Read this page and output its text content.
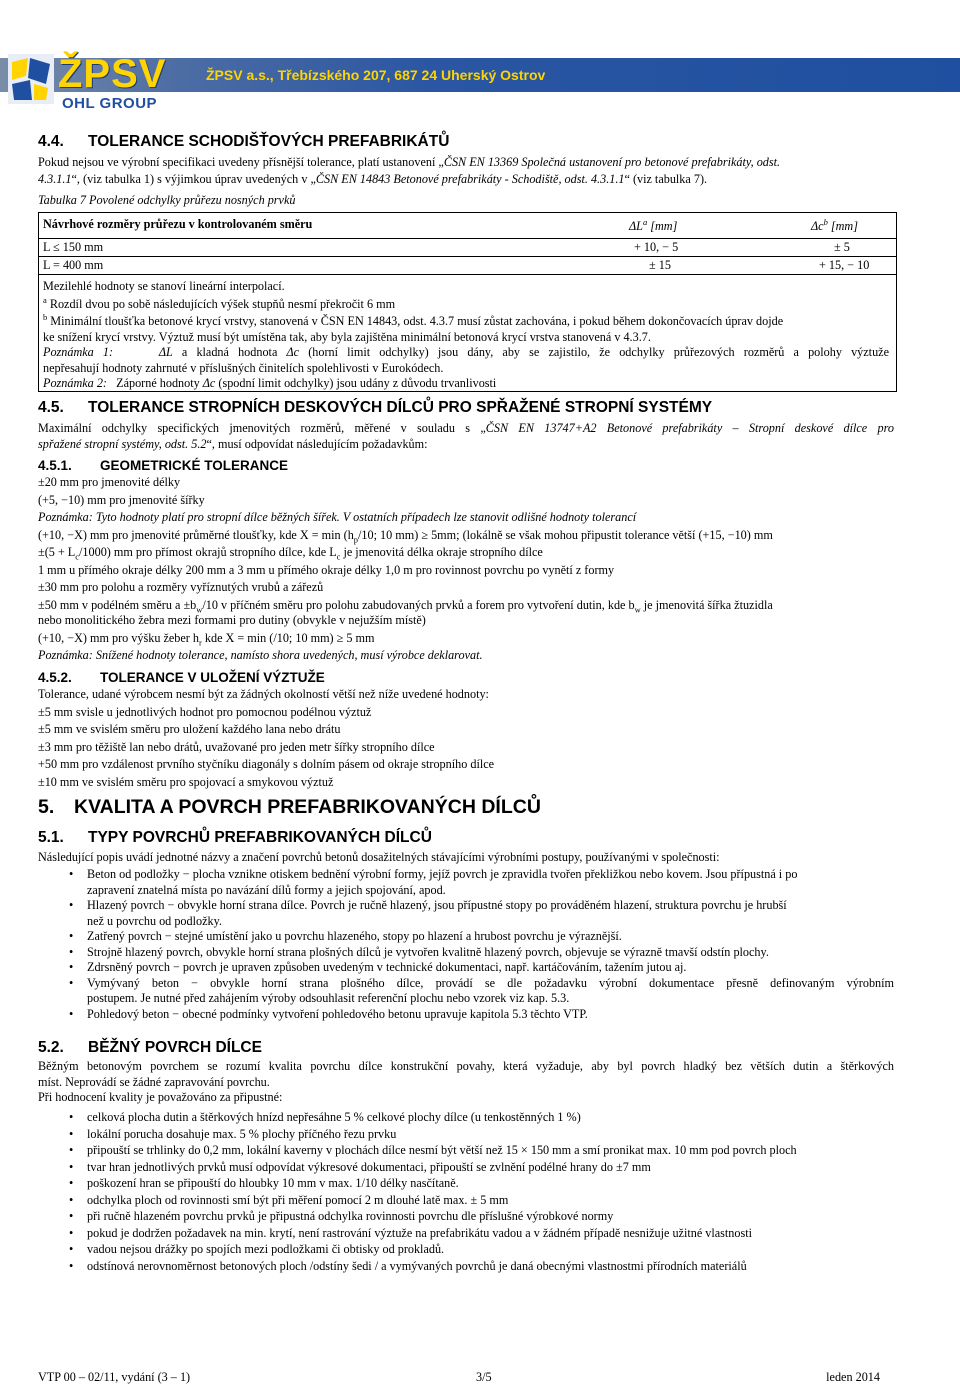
ŽPSV
OHL GROUP
ŽPSV a.s., Třebízského 207, 687 24 Uherský Ostrov
4.4. TOLERANCE SCHODIŠŤOVÝCH PREFABRIKÁTŮ

Pokud nejsou ve výrobní specifikaci uvedeny přísnější tolerance, platí ustanovení „ČSN EN 13369 Společná ustanovení pro betonové prefabrikáty, odst.

4.3.1.1“, (viz tabulka 1) s výjimkou úprav uvedených v „ČSN EN 14843 Betonové prefabrikáty - Schodiště, odst. 4.3.1.1“ (viz tabulka 7).

Tabulka 7 Povolené odchylky průřezu nosných prvků

Návrhové rozměry průřezu v kontrolovaném směru	$\Delta L^a$ [mm]	$\Delta c^b$ [mm]
L ≤ 150 mm	+ 10, − 5	± 5
L = 400 mm	± 15	+ 15, − 10
Mezilehlé hodnoty se stanoví lineární interpolací.
$^a$ Rozdíl dvou po sobě následujících výšek stupňů nesmí překročit 6 mm
$^b$ Minimální tloušťka betonové krycí vrstvy, stanovená v ČSN EN 14843, odst. 4.3.7 musí zůstat zachována, i pokud během dokončovacích úprav dojde
ke snížení krycí vrstvy. Výztuž musí být umístěna tak, aby byla zajištěna minimální betonová krycí vrstva stanovená v 4.3.7.
Poznámka 1:	ΔL a kladná hodnota Δc (horní limit odchylky) jsou dány, aby se zajistilo, že odchylky průřezových rozměrů a polohy výztuže
nepřesahují hodnoty zahrnuté v příslušných činitelích spolehlivosti v Eurokódech.
Poznámka 2: Záporné hodnoty Δc (spodní limit odchylky) jsou udány z důvodu trvanlivosti
4.5. TOLERANCE STROPNÍCH DESKOVÝCH DÍLCŮ PRO SPŘAŽENÉ STROPNÍ SYSTÉMY

Maximální odchylky specifických jmenovitých rozměrů, měřené v souladu s „ČSN EN 13747+A2 Betonové prefabrikáty – Stropní deskové dílce pro

spřažené stropní systémy, odst. 5.2“, musí odpovídat následujícím požadavkům:

4.5.1. GEOMETRICKÉ TOLERANCE
±20 mm pro jmenovité délky
(+5, −10) mm pro jmenovité šířky
Poznámka: Tyto hodnoty platí pro stropní dílce běžných šířek. V ostatních případech lze stanovit odlišné hodnoty tolerancí
(+10, −X) mm pro jmenovité průměrné tloušťky, kde $X = \min (h_p/10$; 10 mm) ≥ 5mm; (lokálně se však mohou připustit tolerance větší (+15, −10) mm
$\pm(5 + L_c/1000)$ mm pro přímost okrajů stropního dílce, kde $L_c$ je jmenovitá délka okraje stropního dílce
1 mm u přímého okraje délky 200 mm a 3 mm u přímého okraje délky 1,0 m pro rovinnost povrchu po vynětí z formy
±30 mm pro polohu a rozměry vyříznutých vrubů a zářezů
±50 mm v podélném směru $a \pm b_w/10$ v příčném směru pro polohu zabudovaných prvků a forem pro vytvoření dutin, kde $b_w$ je jmenovitá šířka žtuzidla
nebo monolitického žebra mezi formami pro dutiny (obvykle v nejužším místě)
(+10, −X) mm pro výšku žeber $h_r$ kde X = min (/10; 10 mm) ≥ 5 mm
Poznámka: Snížené hodnoty tolerance, namísto shora uvedených, musí výrobce deklarovat.
4.5.2. TOLERANCE V ULOŽENÍ VÝZTUŽE
Tolerance, udané výrobcem nesmí být za žádných okolností větší než níže uvedené hodnoty:
±5 mm svisle u jednotlivých hodnot pro pomocnou podélnou výztuž
±5 mm ve svislém směru pro uložení každého lana nebo drátu
±3 mm pro těžiště lan nebo drátů, uvažované pro jeden metr šířky stropního dílce
+50 mm pro vzdálenost prvního styčníku diagonály s dolním pásem od okraje stropního dílce
±10 mm ve svislém směru pro spojovací a smykovou výztuž
5. KVALITA A POVRCH PREFABRIKOVANÝCH DÍLCŮ
5.1. TYPY POVRCHŮ PREFABRIKOVANÝCH DÍLCŮ

Následující popis uvádí jednotné názvy a značení povrchů betonů dosažitelných stávajícími výrobními postupy, používanými v společnosti:

• Beton od podložky − plocha vznikne otiskem bednění výrobní formy, jejíž povrch je zpravidla tvořen překližkou nebo kovem. Jsou přípustná i po
zapravení znatelná místa po navázání dílů formy a jejich spojování, apod.
• Hlazený povrch − obvykle horní strana dílce. Povrch je ručně hlazený, jsou přípustné stopy po prováděném hlazení, struktura povrchu je hrubší
než u povrchu od podložky.
• Zatřený povrch − stejné umístění jako u povrchu hlazeného, stopy po hlazení a hrubost povrchu je výraznější.
• Strojně hlazený povrch, obvykle horní strana plošných dílců je vytvořen kvalitně hlazený povrch, objevuje se výrazně tmavší odstín plochy.
• Zdrsněný povrch − povrch je upraven způsoben uvedeným v technické dokumentaci, např. kartáčováním, tažením jutou aj.
• Vymývaný beton − obvykle horní strana plošného dílce, provádí se dle požadavku výrobní dokumentace přesně definovaným výrobním
postupem. Je nutné před zahájením výroby odsouhlasit referenční plochu nebo vzorek viz kap. 5.3.
• Pohledový beton − obecné podmínky vytvoření pohledového betonu upravuje kapitola 5.3 těchto VTP.
5.2. BĚŽNÝ POVRCH DÍLCE
Běžným betonovým povrchem se rozumí kvalita povrchu dílce konstrukční povahy, která vyžaduje, aby byl povrch hladký bez větších dutin a štěrkových
míst. Neprovádí se žádné zapravování povrchu.
Při hodnocení kvality je považováno za připustné:
• celková plocha dutin a štěrkových hnízd nepřesáhne 5 % celkové plochy dílce (u tenkostěnných 1 %)
• lokální porucha dosahuje max. 5 % plochy příčného řezu prvku
• připouští se trhlinky do 0,2 mm, lokální kaverny v plochách dílce nesmí být větší než 15 × 150 mm a smí pronikat max. 10 mm pod povrch ploch
• tvar hran jednotlivých prvků musí odpovídat výkresové dokumentaci, připouští se zvlnění podélné hrany do ±7 mm
• poškození hran se připouští do hloubky 10 mm v max. 1/10 délky nasčítaně.
• odchylka ploch od rovinnosti smí být při měření pomocí 2 m dlouhé latě max. ± 5 mm
• při ručně hlazeném povrchu prvků je připustná odchylka rovinnosti povrchu dle příslušné výrobkové normy
• pokud je dodržen požadavek na min. krytí, není rastrování výztuže na prefabrikátu vadou a v žádném případě nesnižuje užitné vlastnosti
• vadou nejsou drážky po spojích mezi podložkami či obtisky od prokladů.
• odstínová nerovnoměrnost betonových ploch /odstíny šedi / a vymývaných povrchů je daná obecnými vlastnostmi přírodních materiálů
VTP 00 – 02/11, vydání (3 – 1)	3/5	leden 2014
